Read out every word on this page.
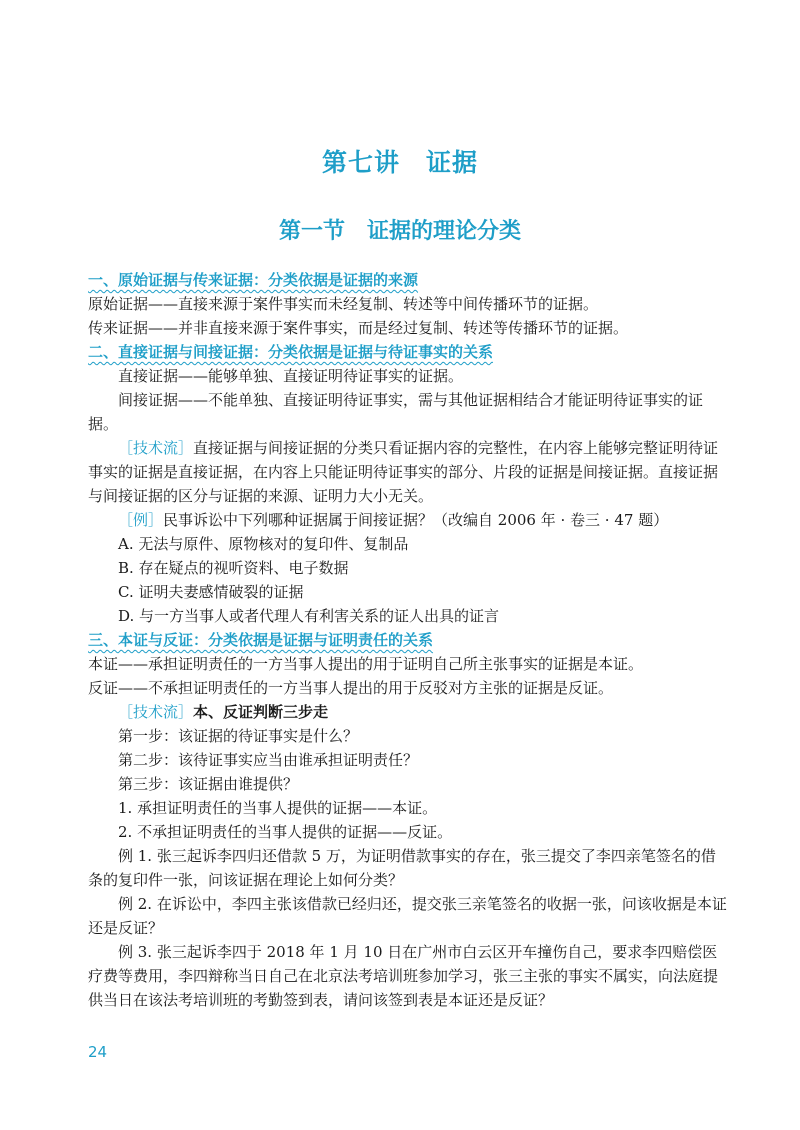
第七讲　证据
第一节　证据的理论分类
一、原始证据与传来证据：分类依据是证据的来源

原始证据——直接来源于案件事实而未经复制、转述等中间传播环节的证据。

传来证据——并非直接来源于案件事实，而是经过复制、转述等传播环节的证据。

二、直接证据与间接证据：分类依据是证据与待证事实的关系

直接证据——能够单独、直接证明待证事实的证据。

间接证据——不能单独、直接证明待证事实，需与其他证据相结合才能证明待证事实的证据。

［技术流］直接证据与间接证据的分类只看证据内容的完整性，在内容上能够完整证明待证事实的证据是直接证据，在内容上只能证明待证事实的部分、片段的证据是间接证据。直接证据与间接证据的区分与证据的来源、证明力大小无关。

［例］民事诉讼中下列哪种证据属于间接证据？（改编自 2006 年 · 卷三 · 47 题）

A. 无法与原件、原物核对的复印件、复制品

B. 存在疑点的视听资料、电子数据

C. 证明夫妻感情破裂的证据

D. 与一方当事人或者代理人有利害关系的证人出具的证言

三、本证与反证：分类依据是证据与证明责任的关系

本证——承担证明责任的一方当事人提出的用于证明自己所主张事实的证据是本证。

反证——不承担证明责任的一方当事人提出的用于反驳对方主张的证据是反证。

［技术流］本、反证判断三步走

第一步：该证据的待证事实是什么？

第二步：该待证事实应当由谁承担证明责任？

第三步：该证据由谁提供？

1. 承担证明责任的当事人提供的证据——本证。

2. 不承担证明责任的当事人提供的证据——反证。

例 1. 张三起诉李四归还借款 5 万，为证明借款事实的存在，张三提交了李四亲笔签名的借条的复印件一张，问该证据在理论上如何分类？

例 2. 在诉讼中，李四主张该借款已经归还，提交张三亲笔签名的收据一张，问该收据是本证还是反证？

例 3. 张三起诉李四于 2018 年 1 月 10 日在广州市白云区开车撞伤自己，要求李四赔偿医疗费等费用，李四辩称当日自己在北京法考培训班参加学习，张三主张的事实不属实，向法庭提供当日在该法考培训班的考勤签到表，请问该签到表是本证还是反证？

24
